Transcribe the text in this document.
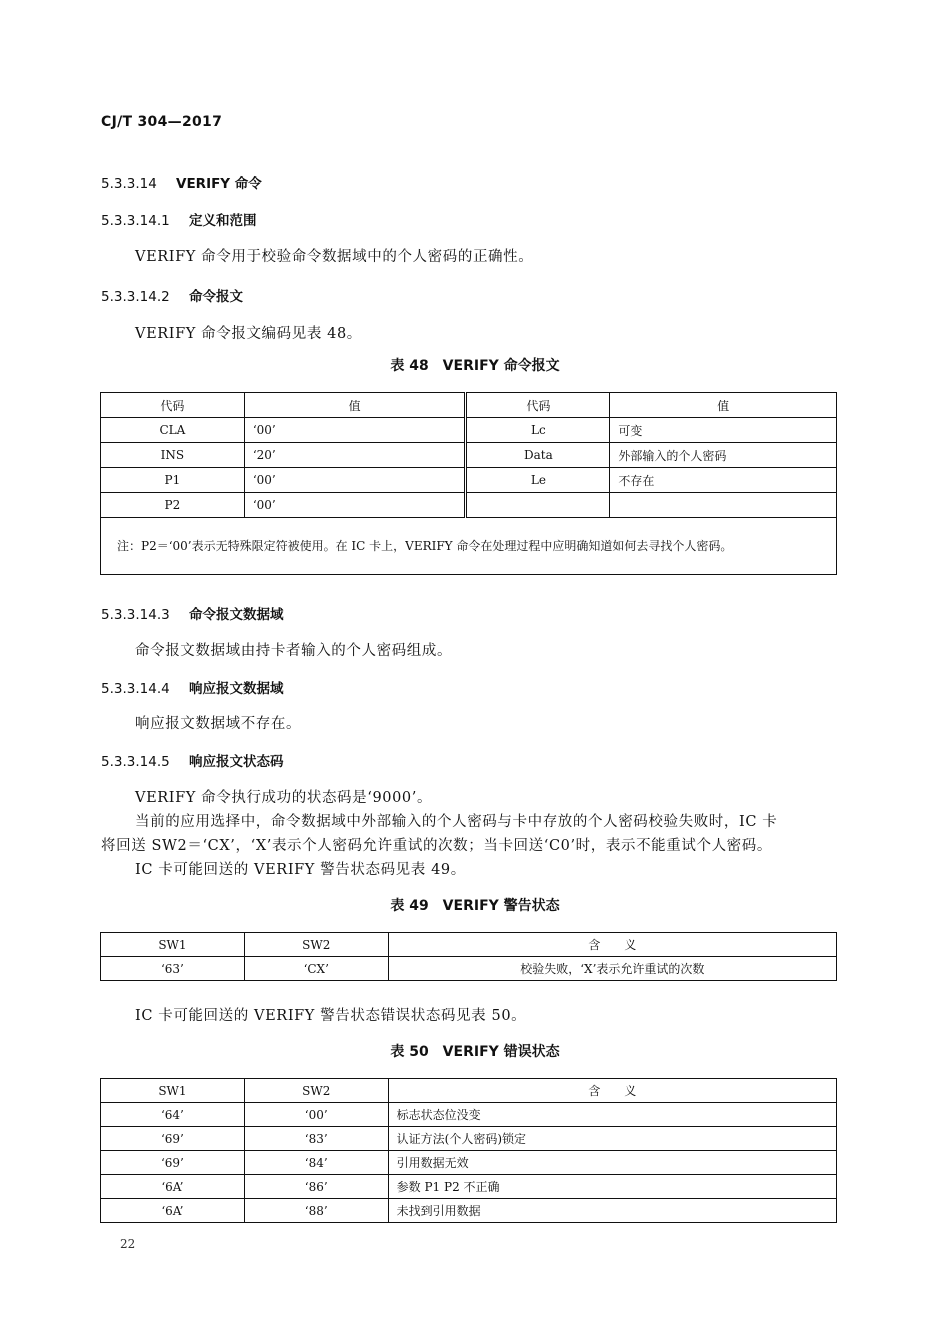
CJ/T 304—2017
5.3.3.14 VERIFY 命令
5.3.3.14.1 定义和范围
VERIFY 命令用于校验命令数据域中的个人密码的正确性。
5.3.3.14.2 命令报文
VERIFY 命令报文编码见表 48。
表 48　VERIFY 命令报文
代码	值	代码	值
CLA	‘00’	Lc	可变
INS	‘20’	Data	外部输入的个人密码
P1	‘00’	Le	不存在
P2	‘00’		
注：P2＝‘00’表示无特殊限定符被使用。在 IC 卡上，VERIFY 命令在处理过程中应明确知道如何去寻找个人密码。			
5.3.3.14.3 命令报文数据域
命令报文数据域由持卡者输入的个人密码组成。
5.3.3.14.4 响应报文数据域
响应报文数据域不存在。
5.3.3.14.5 响应报文状态码
VERIFY 命令执行成功的状态码是‘9000’。
当前的应用选择中，命令数据域中外部输入的个人密码与卡中存放的个人密码校验失败时，IC 卡
将回送 SW2＝‘CX’，‘X’表示个人密码允许重试的次数；当卡回送‘C0’时，表示不能重试个人密码。
IC 卡可能回送的 VERIFY 警告状态码见表 49。
表 49　VERIFY 警告状态
SW1	SW2	含　　义
‘63’	‘CX’	校验失败，‘X’表示允许重试的次数
IC 卡可能回送的 VERIFY 警告状态错误状态码见表 50。
表 50　VERIFY 错误状态
SW1	SW2	含　　义
‘64’	‘00’	标志状态位没变
‘69’	‘83’	认证方法(个人密码)锁定
‘69’	‘84’	引用数据无效
‘6A’	‘86’	参数 P1 P2 不正确
‘6A’	‘88’	未找到引用数据
22
